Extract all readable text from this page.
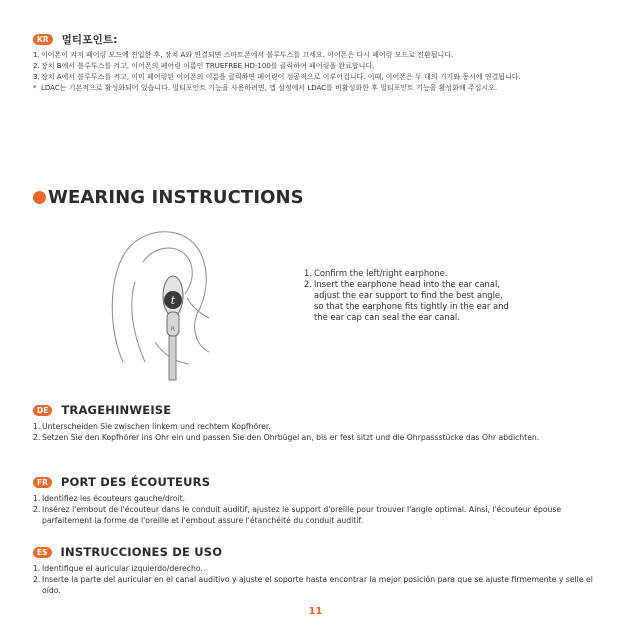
KR	멀티포인트:
1. 이어폰이 켜져 페어링 모드에 진입한 후, 장치 A와 연결되면 스마트폰에서 블루투스를 끄세요. 이어폰은 다시 페어링 모드로 전환됩니다.
2. 장치 B에서 블루투스를 켜고, 이어폰의 페어링 이름인 TRUEFREE HD-100를 클릭하여 페어링을 완료합니다.
3. 장치 A에서 블루투스를 켜고, 이미 페어링된 이어폰의 이름을 클릭하면 페어링이 성공적으로 이루어집니다. 이때, 이어폰은 두 대의 기기와 동시에 연결됩니다.
* LDAC는 기본적으로 활성화되어 있습니다. 멀티포인트 기능을 사용하려면, 앱 설정에서 LDAC를 비활성화한 후 멀티포인트 기능을 활성화해 주십시오.
WEARING INSTRUCTIONS
t
R
1. Confirm the left/right earphone.
2. Insert the earphone head into the ear canal, adjust the ear support to find the best angle, so that the earphone fits tightly in the ear and the ear cap can seal the ear canal.
DE	TRAGEHINWEISE
1. Unterscheiden Sie zwischen linkem und rechtem Kopfhörer.
2. Setzen Sie den Kopfhörer ins Ohr ein und passen Sie den Ohrbügel an, bis er fest sitzt und die Ohrpassstücke das Ohr abdichten.
FR	PORT DES ÉCOUTEURS
1. Identifiez les écouteurs gauche/droit.
2. Insérez l'embout de l'écouteur dans le conduit auditif, ajustez le support d'oreille pour trouver l'angle optimal. Ainsi, l'écouteur épouse parfaitement la forme de l'oreille et l'embout assure l'étanchéité du conduit auditif.
ES	INSTRUCCIONES DE USO
1. Identifique el auricular izquierdo/derecho.
2. Inserte la parte del auricular en el canal auditivo y ajuste el soporte hasta encontrar la mejor posición para que se ajuste firmemente y selle el oído.
11
